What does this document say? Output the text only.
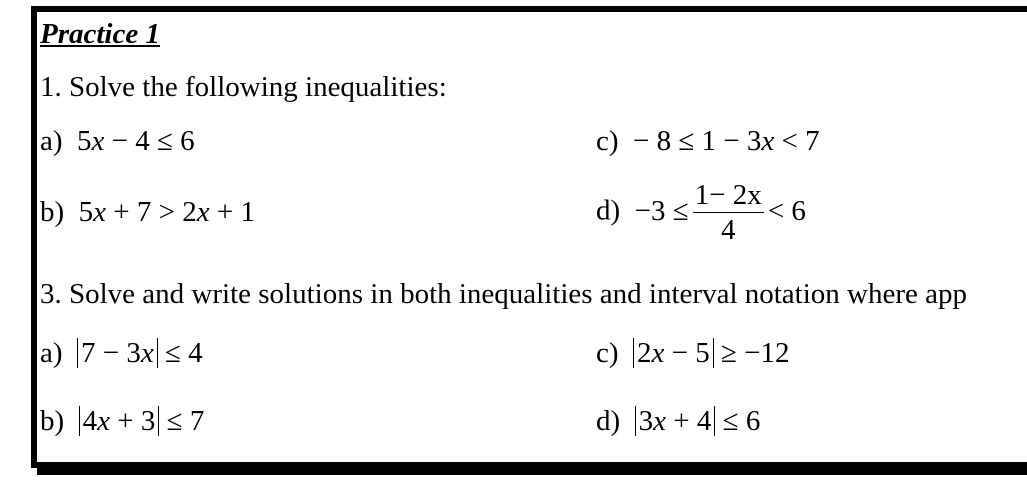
Practice 1
1. Solve the following inequalities:
a)  5x − 4 ≤ 6
b)  5x + 7 > 2x + 1
c)  − 8 ≤ 1 − 3x < 7
$d) -3 \le \frac{1- 2x}{4} < 6$
3. Solve and write solutions in both inequalities and interval notation where app
a) 7 − 3x ≤ 4
b) 4x + 3 ≤ 7
c) 2x − 5 ≥ −12
d) 3x + 4 ≤ 6
